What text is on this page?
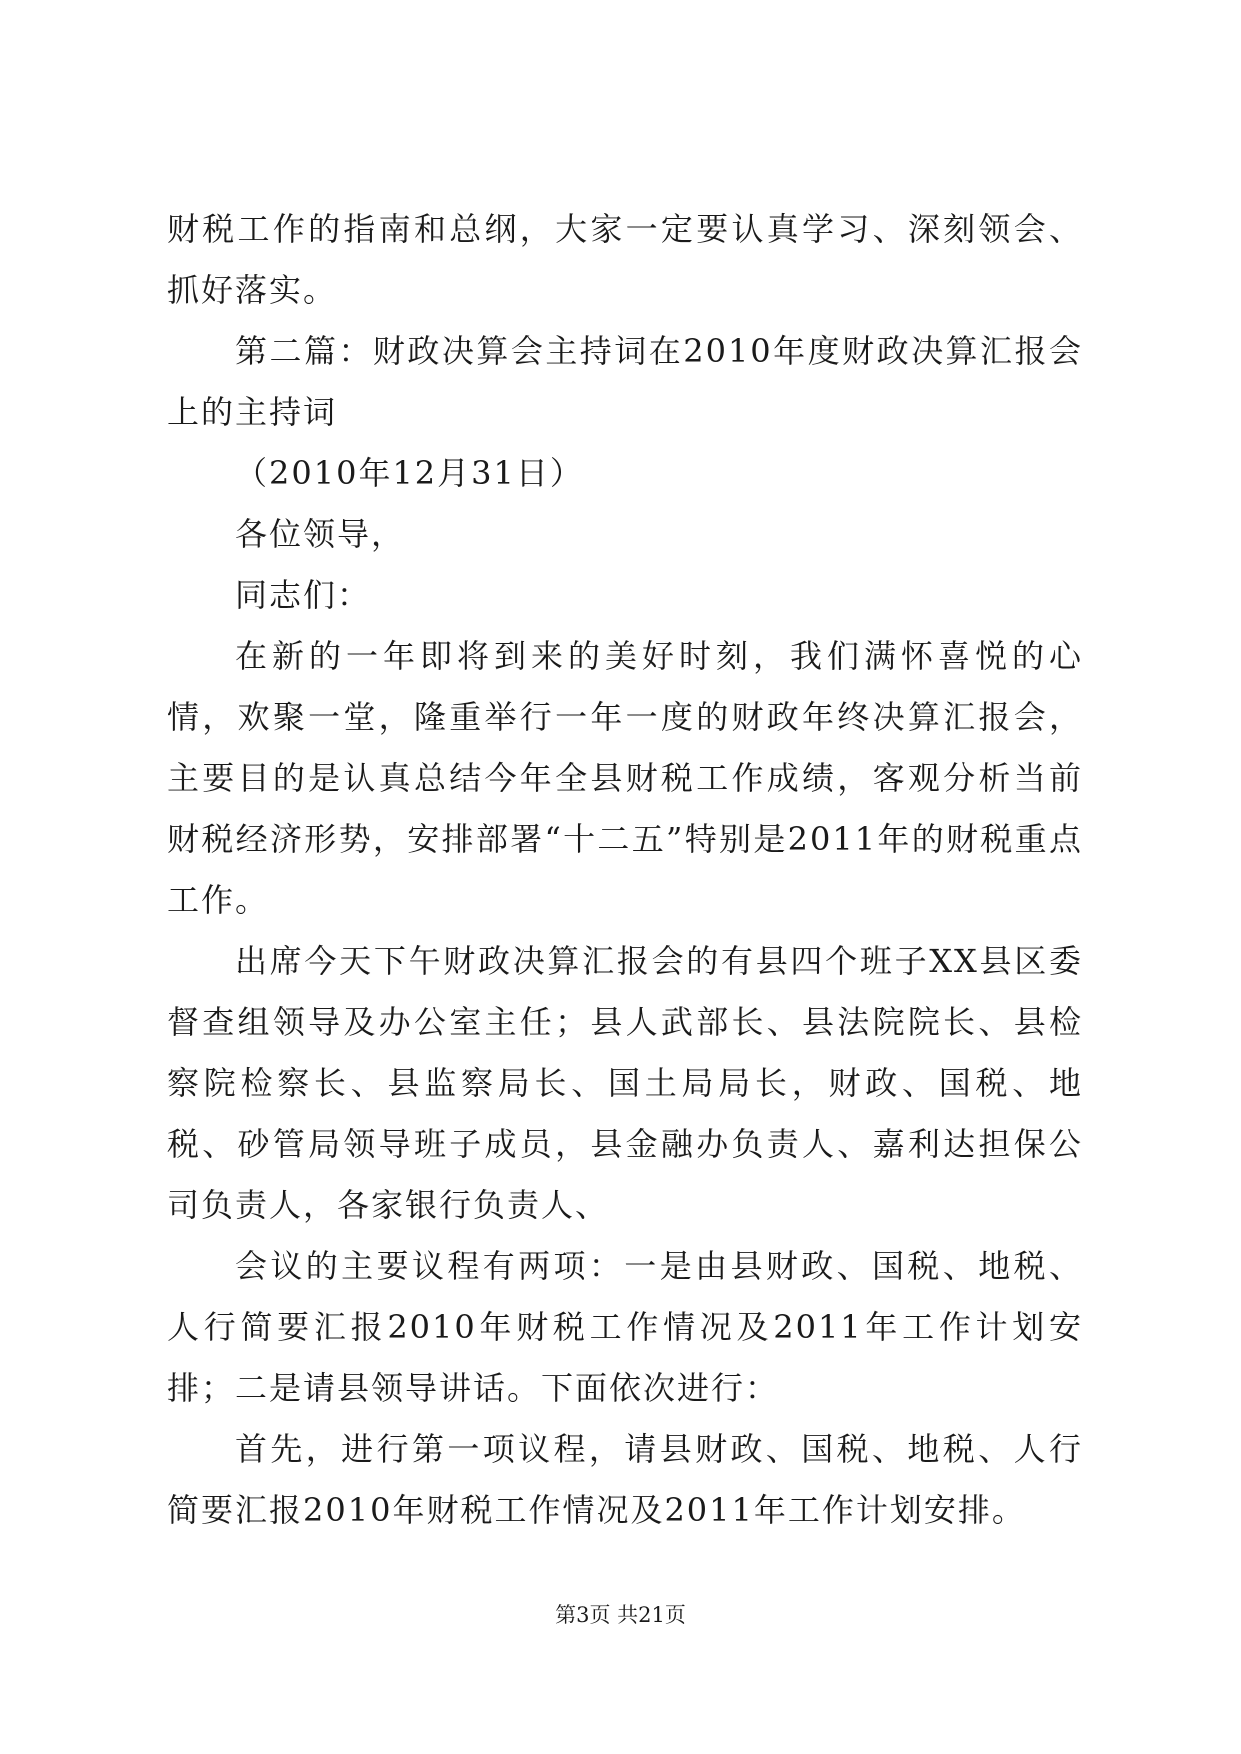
财税工作的指南和总纲，大家一定要认真学习、深刻领会、抓好落实。

第二篇：财政决算会主持词在2010年度财政决算汇报会上的主持词

（2010年12月31日）

各位领导，

同志们：

在新的一年即将到来的美好时刻，我们满怀喜悦的心情，欢聚一堂，隆重举行一年一度的财政年终决算汇报会，主要目的是认真总结今年全县财税工作成绩，客观分析当前财税经济形势，安排部署“十二五”特别是2011年的财税重点工作。

出席今天下午财政决算汇报会的有县四个班子XX县区委督查组领导及办公室主任；县人武部长、县法院院长、县检察院检察长、县监察局长、国土局局长，财政、国税、地税、砂管局领导班子成员，县金融办负责人、嘉利达担保公司负责人，各家银行负责人、

会议的主要议程有两项：一是由县财政、国税、地税、人行简要汇报2010年财税工作情况及2011年工作计划安排；二是请县领导讲话。下面依次进行：

首先，进行第一项议程，请县财政、国税、地税、人行简要汇报2010年财税工作情况及2011年工作计划安排。

第3页 共21页
